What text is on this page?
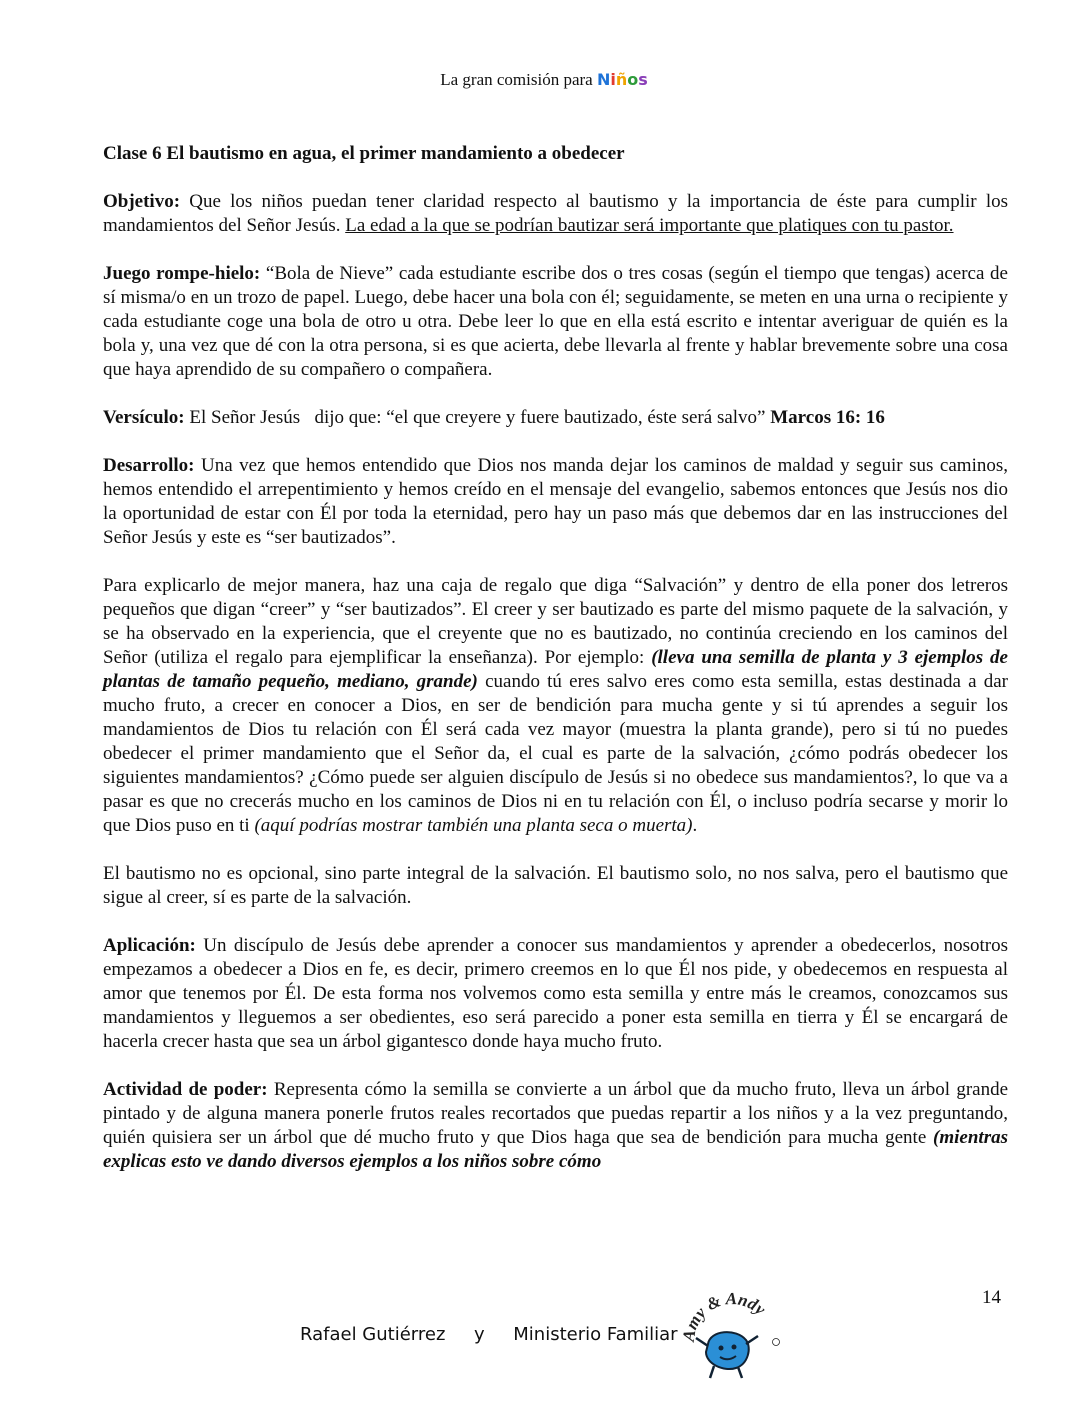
La gran comisión para Niños
Clase 6 El bautismo en agua, el primer mandamiento a obedecer

Objetivo: Que los niños puedan tener claridad respecto al bautismo y la importancia de éste para cumplir los mandamientos del Señor Jesús. La edad a la que se podrían bautizar será importante que platiques con tu pastor.

Juego rompe-hielo: “Bola de Nieve” cada estudiante escribe dos o tres cosas (según el tiempo que tengas) acerca de sí misma/o en un trozo de papel. Luego, debe hacer una bola con él; seguidamente, se meten en una urna o recipiente y cada estudiante coge una bola de otro u otra. Debe leer lo que en ella está escrito e intentar averiguar de quién es la bola y, una vez que dé con la otra persona, si es que acierta, debe llevarla al frente y hablar brevemente sobre una cosa que haya aprendido de su compañero o compañera.

Versículo: El Señor Jesús   dijo que: “el que creyere y fuere bautizado, éste será salvo” Marcos 16: 16

Desarrollo: Una vez que hemos entendido que Dios nos manda dejar los caminos de maldad y seguir sus caminos, hemos entendido el arrepentimiento y hemos creído en el mensaje del evangelio, sabemos entonces que Jesús nos dio la oportunidad de estar con Él por toda la eternidad, pero hay un paso más que debemos dar en las instrucciones del Señor Jesús y este es “ser bautizados”.

Para explicarlo de mejor manera, haz una caja de regalo que diga “Salvación” y dentro de ella poner dos letreros pequeños que digan “creer” y “ser bautizados”. El creer y ser bautizado es parte del mismo paquete de la salvación, y se ha observado en la experiencia, que el creyente que no es bautizado, no continúa creciendo en los caminos del Señor (utiliza el regalo para ejemplificar la enseñanza). Por ejemplo: (lleva una semilla de planta y 3 ejemplos de plantas de tamaño pequeño, mediano, grande) cuando tú eres salvo eres como esta semilla, estas destinada a dar mucho fruto, a crecer en conocer a Dios, en ser de bendición para mucha gente y si tú aprendes a seguir los mandamientos de Dios tu relación con Él será cada vez mayor (muestra la planta grande), pero si tú no puedes obedecer el primer mandamiento que el Señor da, el cual es parte de la salvación, ¿cómo podrás obedecer los siguientes mandamientos? ¿Cómo puede ser alguien discípulo de Jesús si no obedece sus mandamientos?, lo que va a pasar es que no crecerás mucho en los caminos de Dios ni en tu relación con Él, o incluso podría secarse y morir lo que Dios puso en ti (aquí podrías mostrar también una planta seca o muerta).

El bautismo no es opcional, sino parte integral de la salvación. El bautismo solo, no nos salva, pero el bautismo que sigue al creer, sí es parte de la salvación.

Aplicación: Un discípulo de Jesús debe aprender a conocer sus mandamientos y aprender a obedecerlos, nosotros empezamos a obedecer a Dios en fe, es decir, primero creemos en lo que Él nos pide, y obedecemos en respuesta al amor que tenemos por Él. De esta forma nos volvemos como esta semilla y entre más le creamos, conozcamos sus mandamientos y lleguemos a ser obedientes, eso será parecido a poner esta semilla en tierra y Él se encargará de hacerla crecer hasta que sea un árbol gigantesco donde haya mucho fruto.

Actividad de poder: Representa cómo la semilla se convierte a un árbol que da mucho fruto, lleva un árbol grande pintado y de alguna manera ponerle frutos reales recortados que puedas repartir a los niños y a la vez preguntando, quién quisiera ser un árbol que dé mucho fruto y que Dios haga que sea de bendición para mucha gente (mientras explicas esto ve dando diversos ejemplos a los niños sobre cómo

14
Rafael Gutiérrez     y     Ministerio Familiar Amy & Andy
